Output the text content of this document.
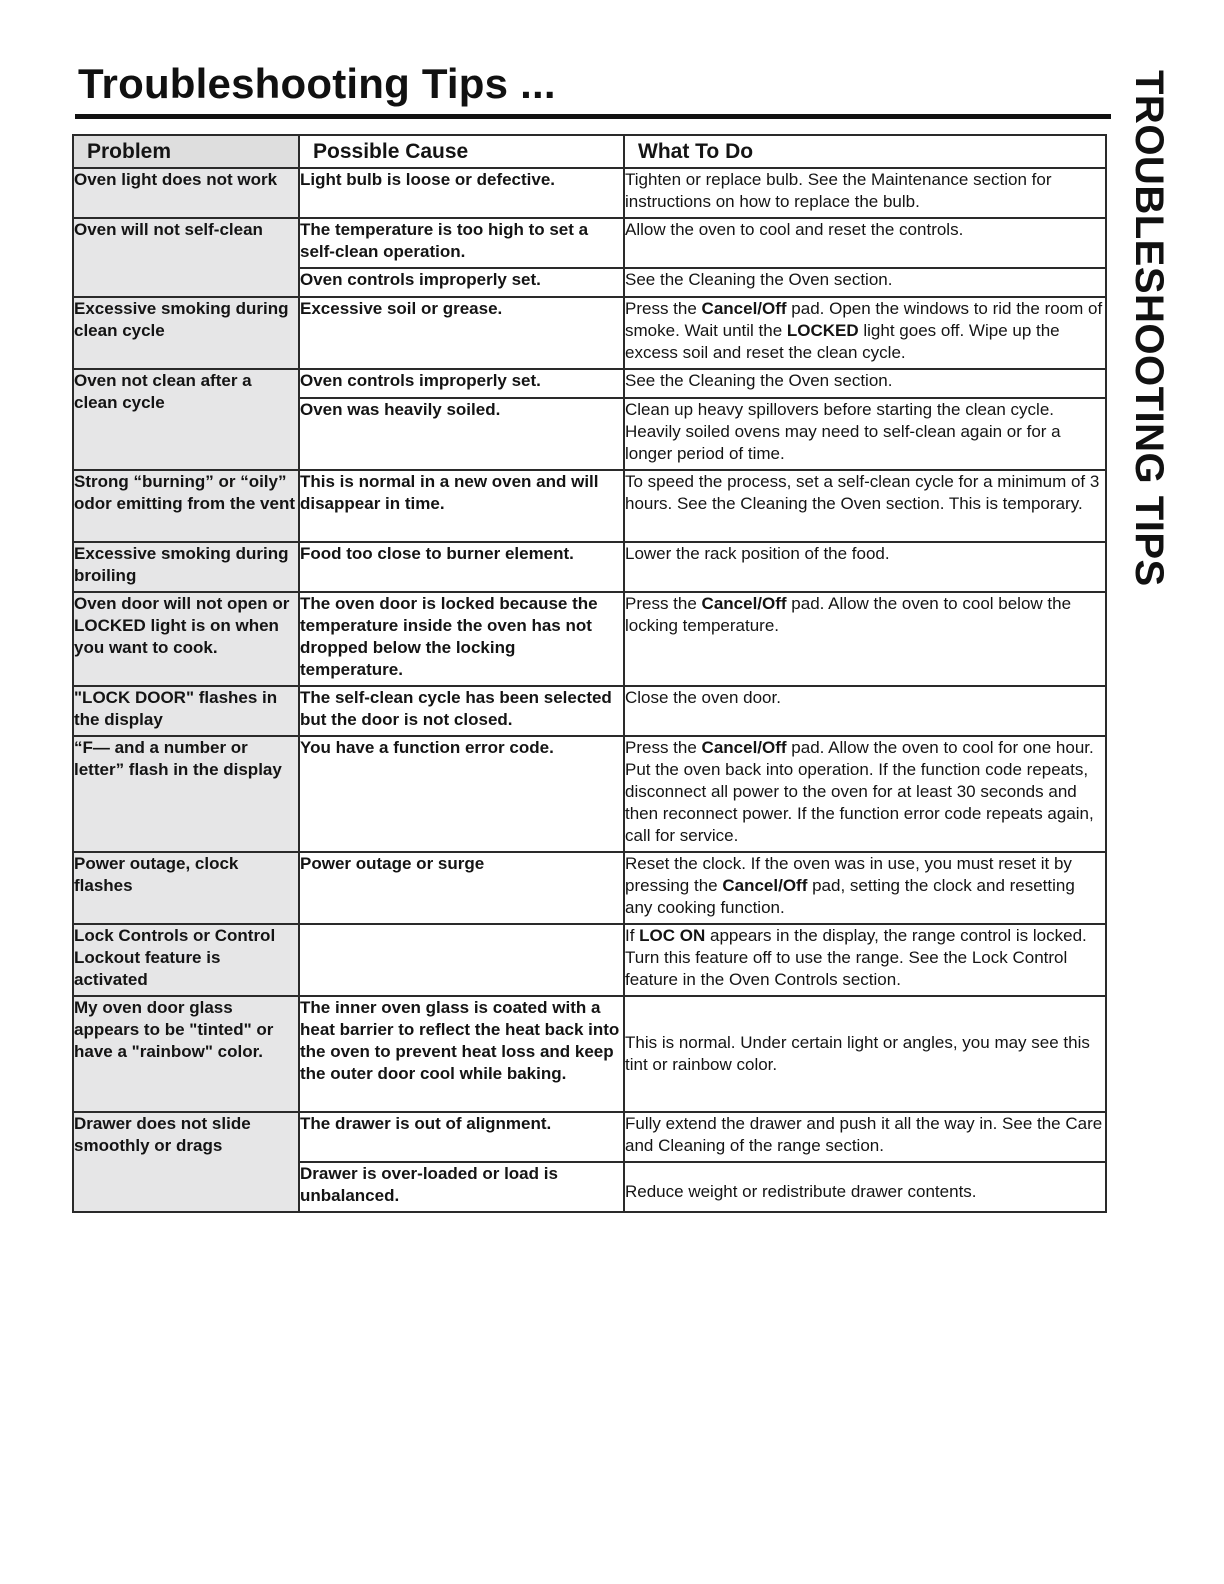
Troubleshooting Tips ...	TROUBLESHOOTING TIPS
Problem	Possible Cause	What To Do
Oven light does not work	Light bulb is loose or defective.	Tighten or replace bulb. See the Maintenance section for instructions on how to replace the bulb.
Oven will not self-clean	The temperature is too high to set a self-clean operation.	Allow the oven to cool and reset the controls.
	Oven controls improperly set.	See the Cleaning the Oven section.
Excessive smoking during clean cycle	Excessive soil or grease.	Press the Cancel/Off pad. Open the windows to rid the room of smoke. Wait until the LOCKED light goes off. Wipe up the excess soil and reset the clean cycle.
Oven not clean after a clean cycle	Oven controls improperly set.	See the Cleaning the Oven section.
	Oven was heavily soiled.	Clean up heavy spillovers before starting the clean cycle. Heavily soiled ovens may need to self-clean again or for a longer period of time.
Strong “burning” or “oily” odor emitting from the vent	This is normal in a new oven and will disappear in time.	To speed the process, set a self-clean cycle for a minimum of 3 hours. See the Cleaning the Oven section. This is temporary.
Excessive smoking during broiling	Food too close to burner element.	Lower the rack position of the food.
Oven door will not open or LOCKED light is on when you want to cook.	The oven door is locked because the temperature inside the oven has not dropped below the locking temperature.	Press the Cancel/Off pad. Allow the oven to cool below the locking temperature.
"LOCK DOOR" flashes in the display	The self-clean cycle has been selected but the door is not closed.	Close the oven door.
“F— and a number or letter” flash in the display	You have a function error code.	Press the Cancel/Off pad. Allow the oven to cool for one hour. Put the oven back into operation. If the function code repeats, disconnect all power to the oven for at least 30 seconds and then reconnect power. If the function error code repeats again, call for service.
Power outage, clock flashes	Power outage or surge	Reset the clock. If the oven was in use, you must reset it by pressing the Cancel/Off pad, setting the clock and resetting any cooking function.
Lock Controls or Control Lockout feature is activated		If LOC ON appears in the display, the range control is locked. Turn this feature off to use the range. See the Lock Control feature in the Oven Controls section.
My oven door glass appears to be "tinted" or have a "rainbow" color.	The inner oven glass is coated with a heat barrier to reflect the heat back into the oven to prevent heat loss and keep the outer door cool while baking.	This is normal. Under certain light or angles, you may see this tint or rainbow color.
Drawer does not slide smoothly or drags	The drawer is out of alignment.	Fully extend the drawer and push it all the way in. See the Care and Cleaning of the range section.
	Drawer is over-loaded or load is unbalanced.	Reduce weight or redistribute drawer contents.
